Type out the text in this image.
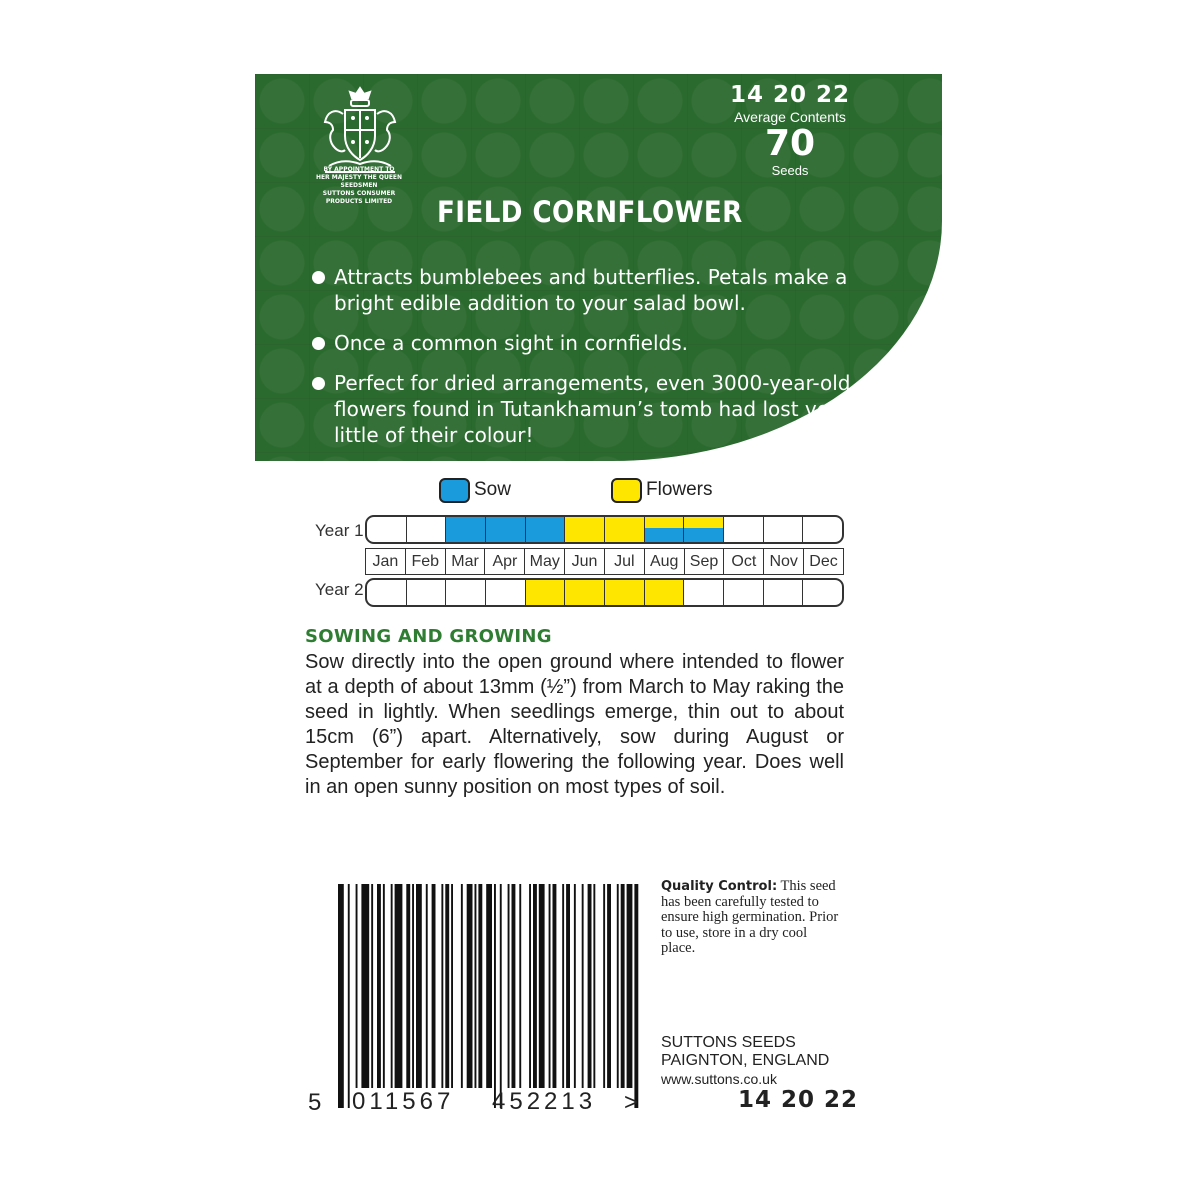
BY APPOINTMENT TO
HER MAJESTY THE QUEEN
SEEDSMEN
SUTTONS CONSUMER
PRODUCTS LIMITED
14 20 22
Average Contents
70
Seeds
FIELD CORNFLOWER
Attracts bumblebees and butterflies. Petals make a bright edible addition to your salad bowl.
Once a common sight in cornfields.
Perfect for dried arrangements, even 3000-year-old flowers found in Tutankhamun’s tomb had lost very little of their colour!
Sow	Flowers
Year 1
Jan Feb Mar Apr May Jun	Jul Aug Sep Oct Nov Dec
Year 2
SOWING AND GROWING

Sow directly into the open ground where intended to flower at a depth of about 13mm (½”) from March to May raking the seed in lightly. When seedlings emerge, thin out to about 15cm (6”) apart. Alternatively, sow during August or September for early flowering the following year. Does well in an open sunny position on most types of soil.

5 011567 452213 >
Quality Control: This seed has been carefully tested to ensure high germination. Prior to use, store in a dry cool place.
SUTTONS SEEDS
PAIGNTON, ENGLAND
www.suttons.co.uk
14 20 22
